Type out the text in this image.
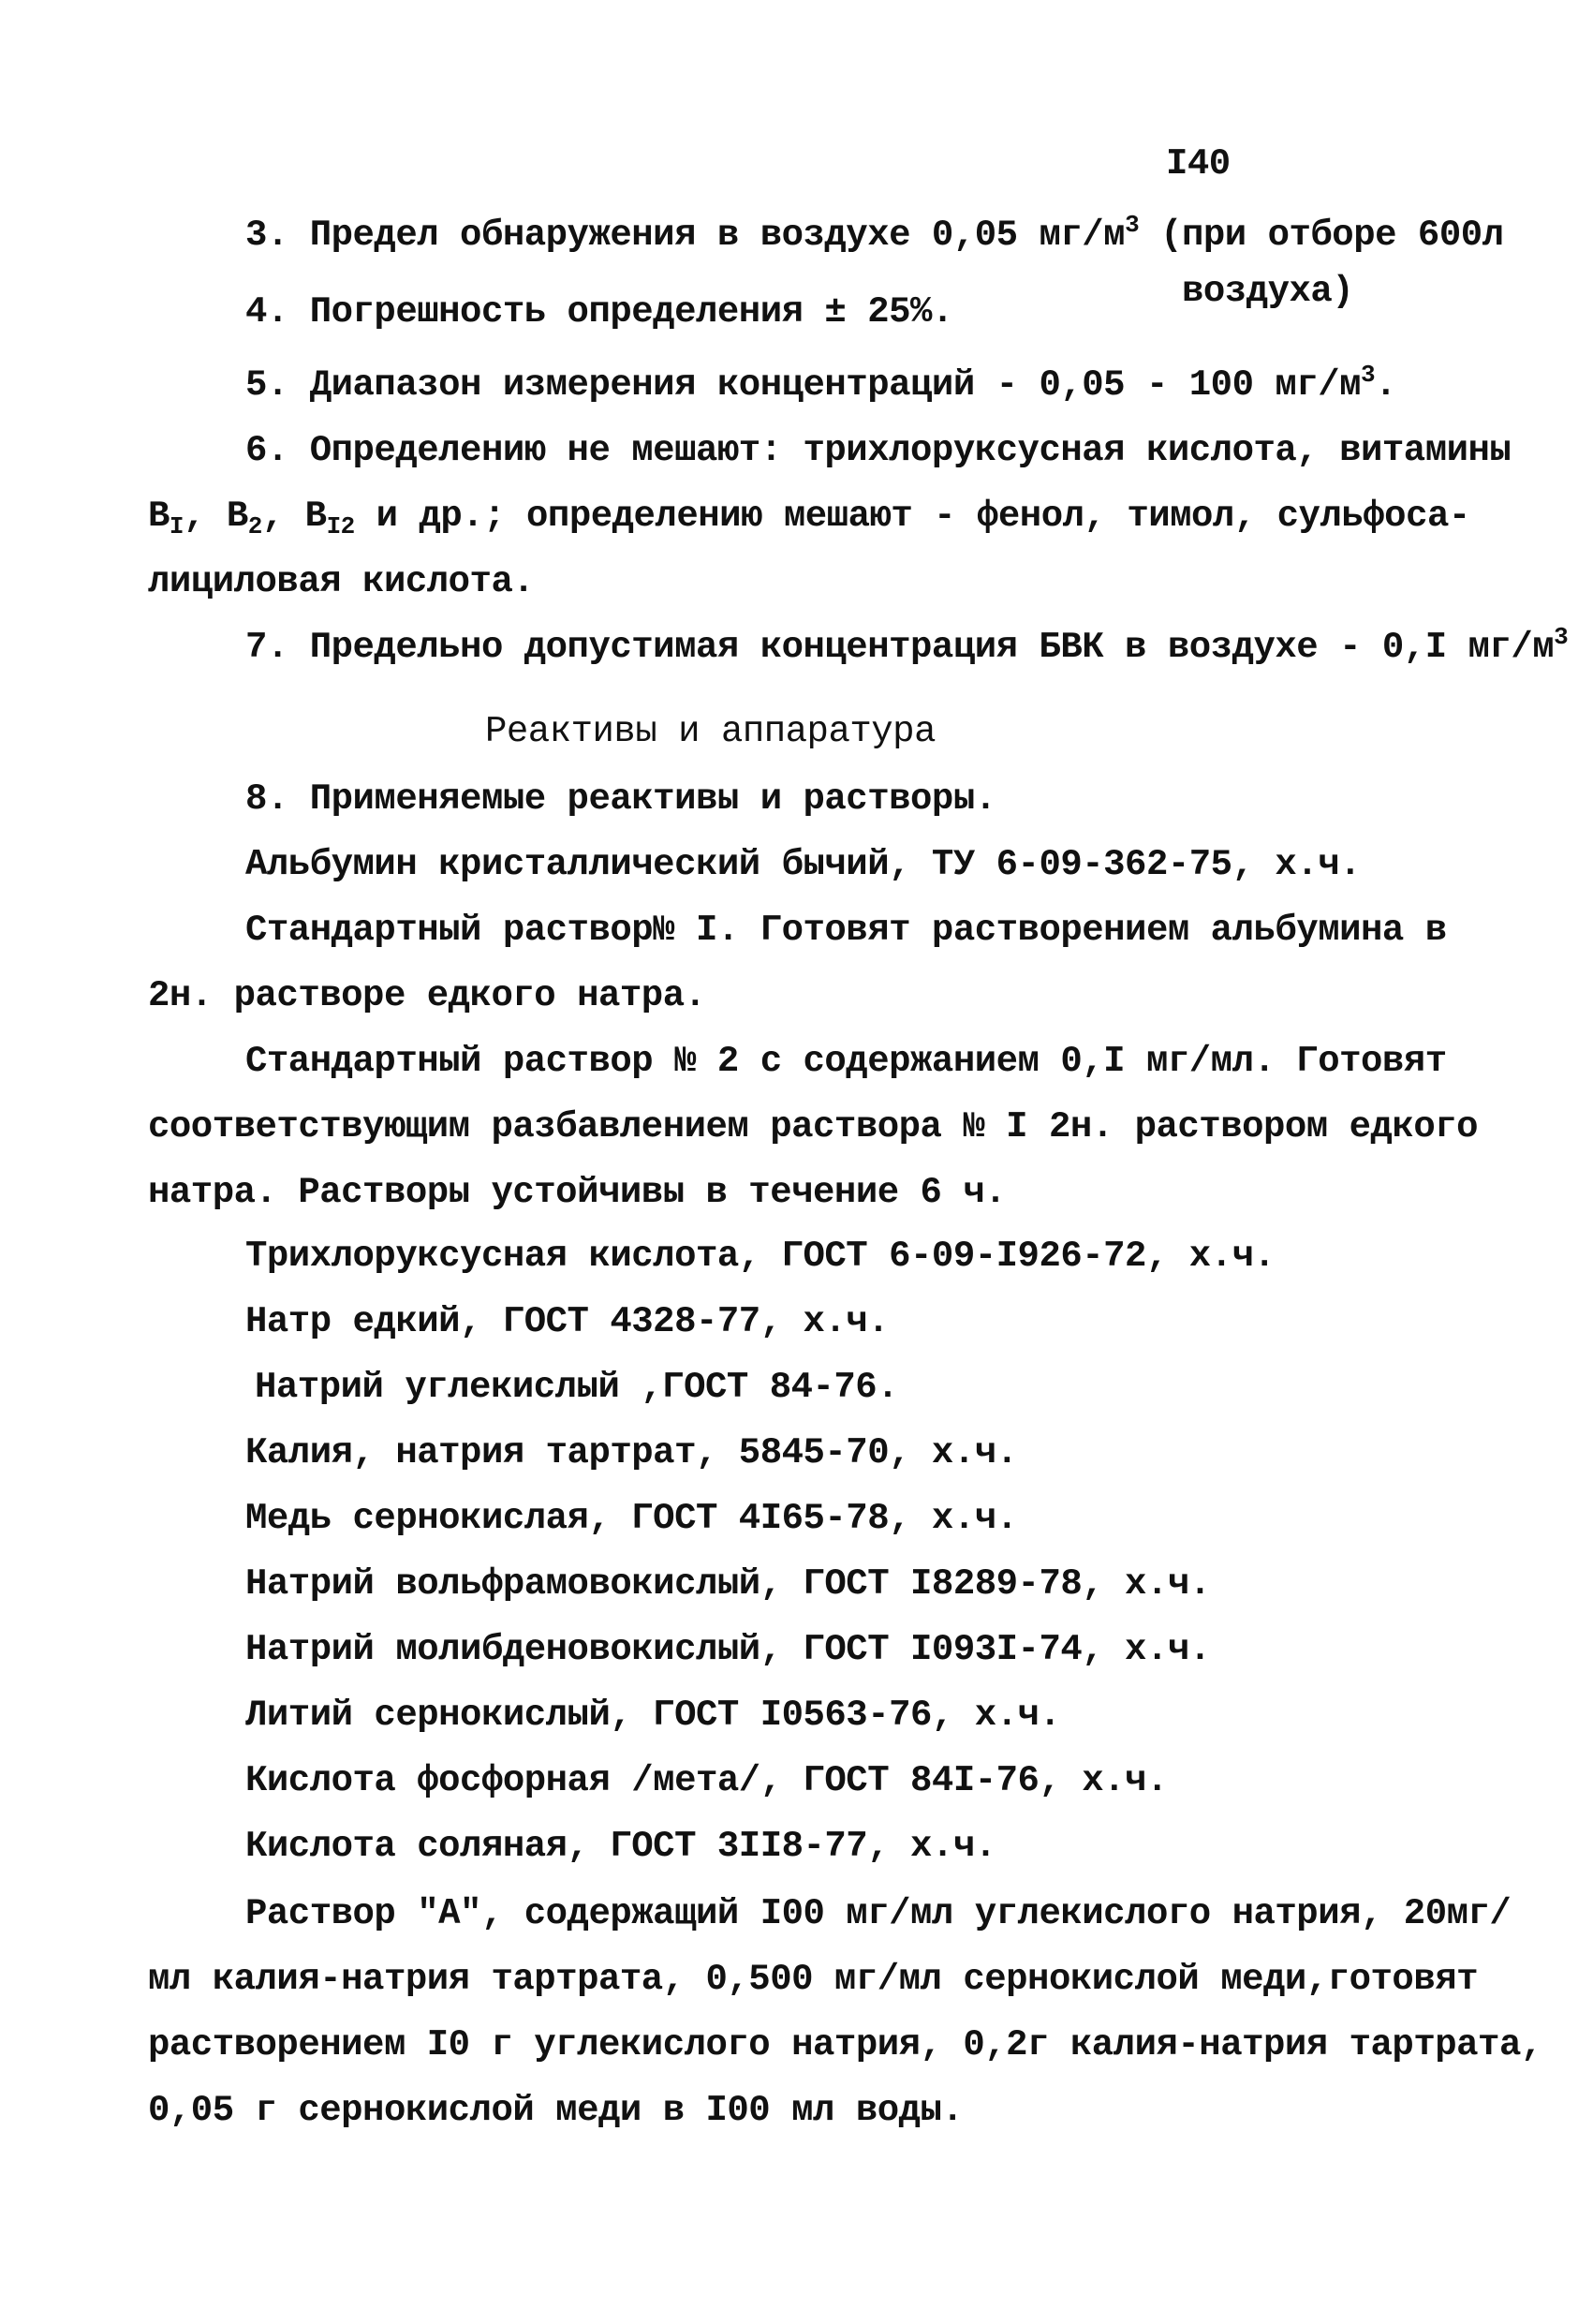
I40
3. Предел обнаружения в воздухе 0,05 $мг/м^3$ (при отборе 600л
воздуха)
4. Погрешность определения ± 25%.
5. Диапазон измерения концентраций - 0,05 - 100 $мг/м^3$.
6. Определению не мешают: трихлоруксусная кислота, витамины
$B_I$, $B_2$, $B_{I2}$ и др.; определению мешают - фенол, тимол, сульфоса-
лициловая кислота.
7. Предельно допустимая концентрация БВК в воздухе - 0,I $мг/м^3$
Реактивы и аппаратура
8. Применяемые реактивы и растворы.
Альбумин кристаллический бычий, ТУ 6-09-362-75, х.ч.
Стандартный раствор№ I. Готовят растворением альбумина в
2н. растворе едкого натра.
Стандартный раствор № 2 с содержанием 0,I мг/мл. Готовят
соответствующим разбавлением раствора № I 2н. раствором едкого
натра. Растворы устойчивы в течение 6 ч.
Трихлоруксусная кислота, ГОСТ 6-09-I926-72, х.ч.
Натр едкий, ГОСТ 4328-77, х.ч.
Натрий углекислый ,ГОСТ 84-76.
Калия, натрия тартрат, 5845-70, х.ч.
Медь сернокислая, ГОСТ 4I65-78, х.ч.
Натрий вольфрамовокислый, ГОСТ I8289-78, х.ч.
Натрий молибденовокислый, ГОСТ I093I-74, х.ч.
Литий сернокислый, ГОСТ I0563-76, х.ч.
Кислота фосфорная /мета/, ГОСТ 84I-76, х.ч.
Кислота соляная, ГОСТ 3II8-77, х.ч.
Раствор "А", содержащий I00 мг/мл углекислого натрия, 20мг/
мл калия-натрия тартрата, 0,500 мг/мл сернокислой меди,готовят
растворением I0 г углекислого натрия, 0,2г калия-натрия тартрата,
0,05 г сернокислой меди в I00 мл воды.
